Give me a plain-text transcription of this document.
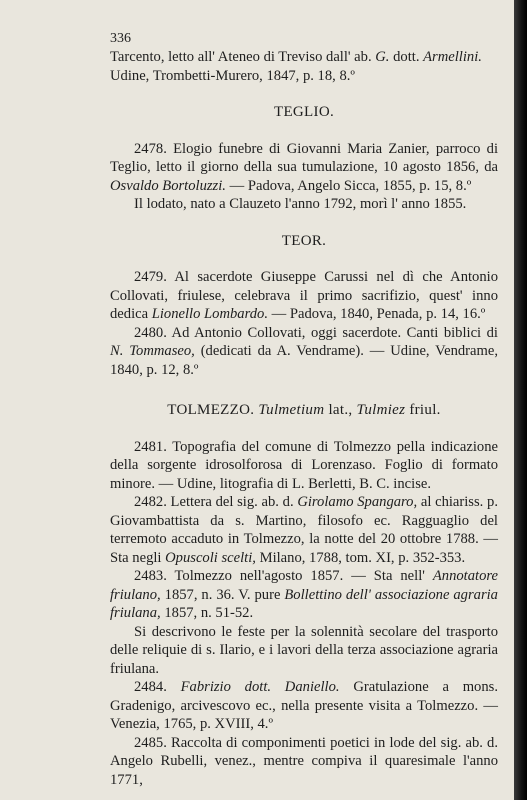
336

Tarcento, letto all' Ateneo di Treviso dall' ab. G. dott. Armellini.
Udine, Trombetti-Murero, 1847, p. 18, 8.º

TEGLIO.

2478. Elogio funebre di Giovanni Maria Zanier, parroco di Teglio, letto il giorno della sua tumulazione, 10 agosto 1856, da Osvaldo Bortoluzzi. — Padova, Angelo Sicca, 1855, p. 15, 8.º

Il lodato, nato a Clauzeto l'anno 1792, morì l' anno 1855.

TEOR.

2479. Al sacerdote Giuseppe Carussi nel dì che Antonio Collovati, friulese, celebrava il primo sacrifizio, quest' inno dedica Lionello Lombardo. — Padova, 1840, Penada, p. 14, 16.º

2480. Ad Antonio Collovati, oggi sacerdote. Canti biblici di N. Tommaseo, (dedicati da A. Vendrame). — Udine, Vendrame, 1840, p. 12, 8.º

TOLMEZZO. Tulmetium lat., Tulmiez friul.

2481. Topografia del comune di Tolmezzo pella indicazione della sorgente idrosolforosa di Lorenzaso. Foglio di formato minore. — Udine, litografia di L. Berletti, B. C. incise.

2482. Lettera del sig. ab. d. Girolamo Spangaro, al chiariss. p. Giovambattista da s. Martino, filosofo ec. Ragguaglio del terremoto accaduto in Tolmezzo, la notte del 20 ottobre 1788. — Sta negli Opuscoli scelti, Milano, 1788, tom. XI, p. 352-353.

2483. Tolmezzo nell'agosto 1857. — Sta nell' Annotatore friulano, 1857, n. 36. V. pure Bollettino dell' associazione agraria friulana, 1857, n. 51-52.

Si descrivono le feste per la solennità secolare del trasporto delle reliquie di s. Ilario, e i lavori della terza associazione agraria friulana.

2484. Fabrizio dott. Daniello. Gratulazione a mons. Gradenigo, arcivescovo ec., nella presente visita a Tolmezzo. — Venezia, 1765, p. XVIII, 4.º

2485. Raccolta di componimenti poetici in lode del sig. ab. d. Angelo Rubelli, venez., mentre compiva il quaresimale l'anno 1771,
